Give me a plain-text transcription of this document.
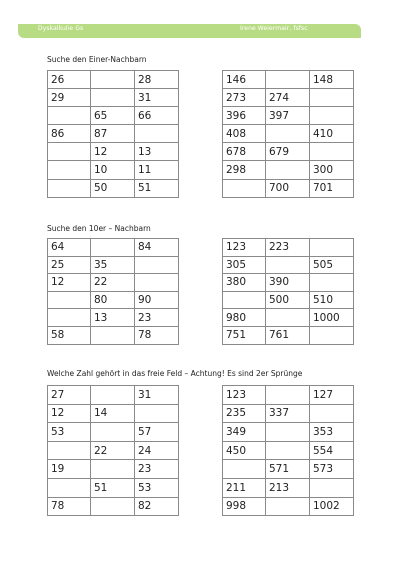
Dyskalkulie Gs	Irene Weiermair, fsfsc
Suche den Einer-Nachbarn
26		28
29		31
	65	66
86	87	
	12	13
	10	11
	50	51
146		148
273	274	
396	397	
408		410
678	679	
298		300
	700	701
Suche den 10er – Nachbarn
64		84
25	35	
12	22	
	80	90
	13	23
58		78
123	223	
305		505
380	390	
	500	510
980		1000
751	761	
Welche Zahl gehört in das freie Feld – Achtung! Es sind 2er Sprünge
27		31
12	14	
53		57
	22	24
19		23
	51	53
78		82
123		127
235	337	
349		353
450		554
	571	573
211	213	
998		1002
